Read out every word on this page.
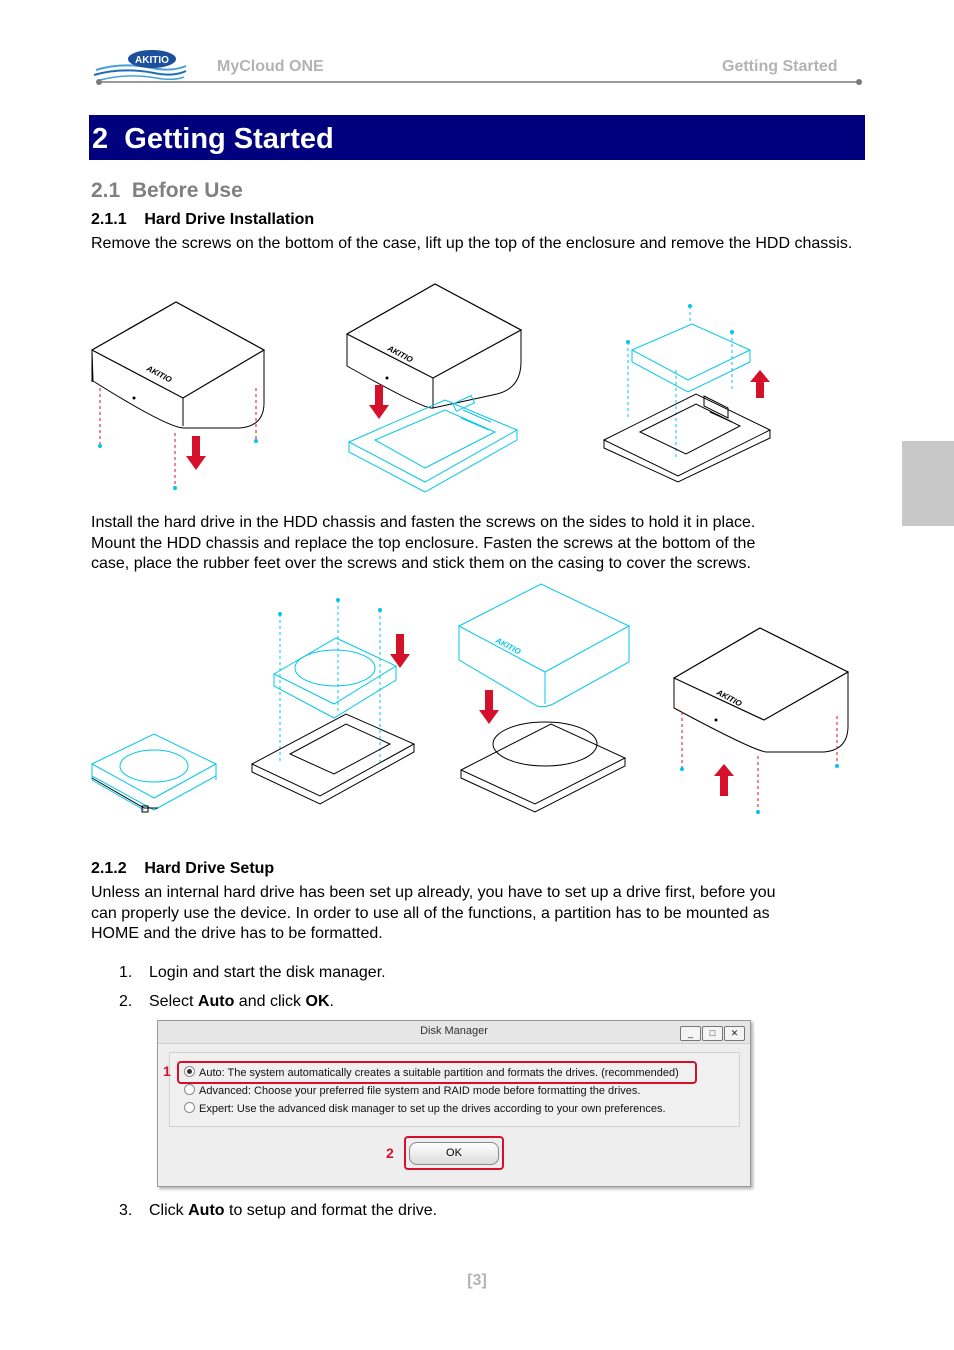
AKITIO	MyCloud ONE	Getting Started
2 Getting Started
2.1 Before Use
2.1.1 Hard Drive Installation
Remove the screws on the bottom of the case, lift up the top of the enclosure and remove the HDD chassis.
AKITIO
AKITIO
Install the hard drive in the HDD chassis and fasten the screws on the sides to hold it in place.
Mount the HDD chassis and replace the top enclosure. Fasten the screws at the bottom of the
case, place the rubber feet over the screws and stick them on the casing to cover the screws.
AKITIO
AKITIO
2.1.2 Hard Drive Setup
Unless an internal hard drive has been set up already, you have to set up a drive first, before you
can properly use the device. In order to use all of the functions, a partition has to be mounted as
HOME and the drive has to be formatted.
1. Login and start the disk manager.
2. Select Auto and click OK.
Disk Manager	_	□	✕
Auto: The system automatically creates a suitable partition and formats the drives. (recommended)
Advanced: Choose your preferred file system and RAID mode before formatting the drives.
Expert: Use the advanced disk manager to set up the drives according to your own preferences.
1
OK
2
3. Click Auto to setup and format the drive.
[3]
